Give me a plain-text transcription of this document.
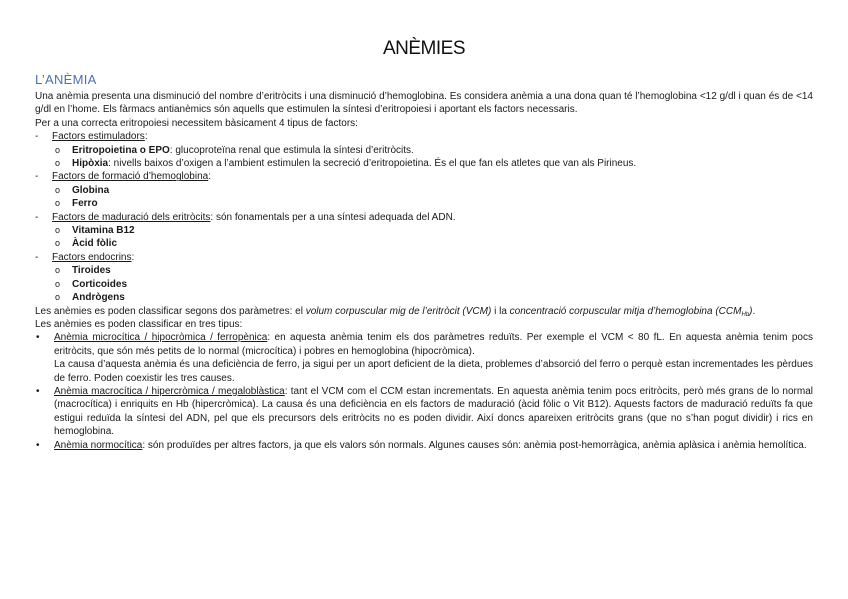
ANÈMIES
L’ANÈMIA

Una anèmia presenta una disminució del nombre d’eritròcits i una disminució d’hemoglobina. Es considera anèmia a una dona quan té l’hemoglobina <12 g/dl i quan és de <14 g/dl en l’home. Els fàrmacs antianèmics són aquells que estimulen la síntesi d’eritropoiesi i aportant els factors necessaris.

Per a una correcta eritropoiesi necessitem bàsicament 4 tipus de factors:

- Factors estimuladors:
o Eritropoietina o EPO: glucoproteïna renal que estimula la síntesi d’eritròcits.
o Hipòxia: nivells baixos d’oxigen a l’ambient estimulen la secreció d’eritropoietina. És el que fan els atletes que van als Pirineus.
- Factors de formació d’hemoglobina:
o Globina
o Ferro
- Factors de maduració dels eritròcits: són fonamentals per a una síntesi adequada del ADN.
o Vitamina B12
o Àcid fòlic
- Factors endocrins:
o Tiroides
o Corticoides
o Andrògens

Les anèmies es poden classificar segons dos paràmetres: el volum corpuscular mig de l’eritròcit (VCM) i la concentració corpuscular mitja d’hemoglobina $(CCM_{Hb})$.

Les anèmies es poden classificar en tres tipus:

• Anèmia microcítica / hipocròmica / ferropènica: en aquesta anèmia tenim els dos paràmetres reduïts. Per exemple el VCM < 80 fL. En aquesta anèmia tenim pocs eritròcits, que són més petits de lo normal (microcítica) i pobres en hemoglobina (hipocròmica).
La causa d’aquesta anèmia és una deficiència de ferro, ja sigui per un aport deficient de la dieta, problemes d’absorció del ferro o perquè estan incrementades les pèrdues de ferro. Poden coexistir les tres causes.
• Anèmia macrocítica / hipercròmica / megaloblàstica: tant el VCM com el CCM estan incrementats. En aquesta anèmia tenim pocs eritròcits, però més grans de lo normal (macrocítica) i enriquits en Hb (hipercròmica). La causa és una deficiència en els factors de maduració (àcid fòlic o Vit B12). Aquests factors de maduració reduïts fa que estigui reduïda la síntesi del ADN, pel que els precursors dels eritròcits no es poden dividir. Així doncs apareixen eritròcits grans (que no s’han pogut dividir) i rics en hemoglobina.
• Anèmia normocítica: són produïdes per altres factors, ja que els valors són normals. Algunes causes són: anèmia post-hemorràgica, anèmia aplàsica i anèmia hemolítica.
